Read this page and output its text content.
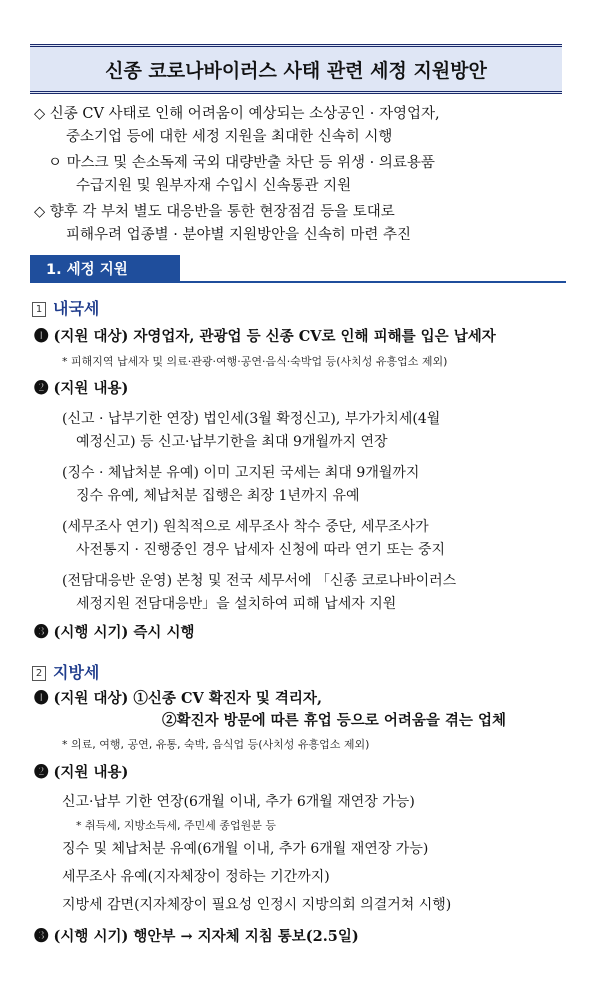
신종 코로나바이러스 사태 관련 세정 지원방안
◇ 신종 CV 사태로 인해 어려움이 예상되는 소상공인 · 자영업자,
중소기업 등에 대한 세정 지원을 최대한 신속히 시행
ㅇ 마스크 및 손소독제 국외 대량반출 차단 등 위생 · 의료용품
수급지원 및 원부자재 수입시 신속통관 지원
◇ 향후 각 부처 별도 대응반을 통한 현장점검 등을 토대로
피해우려 업종별 · 분야별 지원방안을 신속히 마련 추진
1. 세정 지원
1 내국세
❶ (지원 대상) 자영업자, 관광업 등 신종 CV로 인해 피해를 입은 납세자
* 피해지역 납세자 및 의료·관광·여행·공연·음식·숙박업 등(사치성 유흥업소 제외)
❷ (지원 내용)
(신고 · 납부기한 연장) 법인세(3월 확정신고), 부가가치세(4월
예정신고) 등 신고·납부기한을 최대 9개월까지 연장
(징수 · 체납처분 유예) 이미 고지된 국세는 최대 9개월까지
징수 유예, 체납처분 집행은 최장 1년까지 유예
(세무조사 연기) 원칙적으로 세무조사 착수 중단, 세무조사가
사전통지 · 진행중인 경우 납세자 신청에 따라 연기 또는 중지
(전담대응반 운영) 본청 및 전국 세무서에 「신종 코로나바이러스
세정지원 전담대응반」을 설치하여 피해 납세자 지원
❸ (시행 시기) 즉시 시행
2 지방세
❶ (지원 대상) ①신종 CV 확진자 및 격리자,
②확진자 방문에 따른 휴업 등으로 어려움을 겪는 업체
* 의료, 여행, 공연, 유통, 숙박, 음식업 등(사치성 유흥업소 제외)
❷ (지원 내용)
신고·납부 기한 연장(6개월 이내, 추가 6개월 재연장 가능)
* 취득세, 지방소득세, 주민세 종업원분 등
징수 및 체납처분 유예(6개월 이내, 추가 6개월 재연장 가능)
세무조사 유예(지자체장이 정하는 기간까지)
지방세 감면(지자체장이 필요성 인정시 지방의회 의결거쳐 시행)
❸ (시행 시기) 행안부 → 지자체 지침 통보(2.5일)
